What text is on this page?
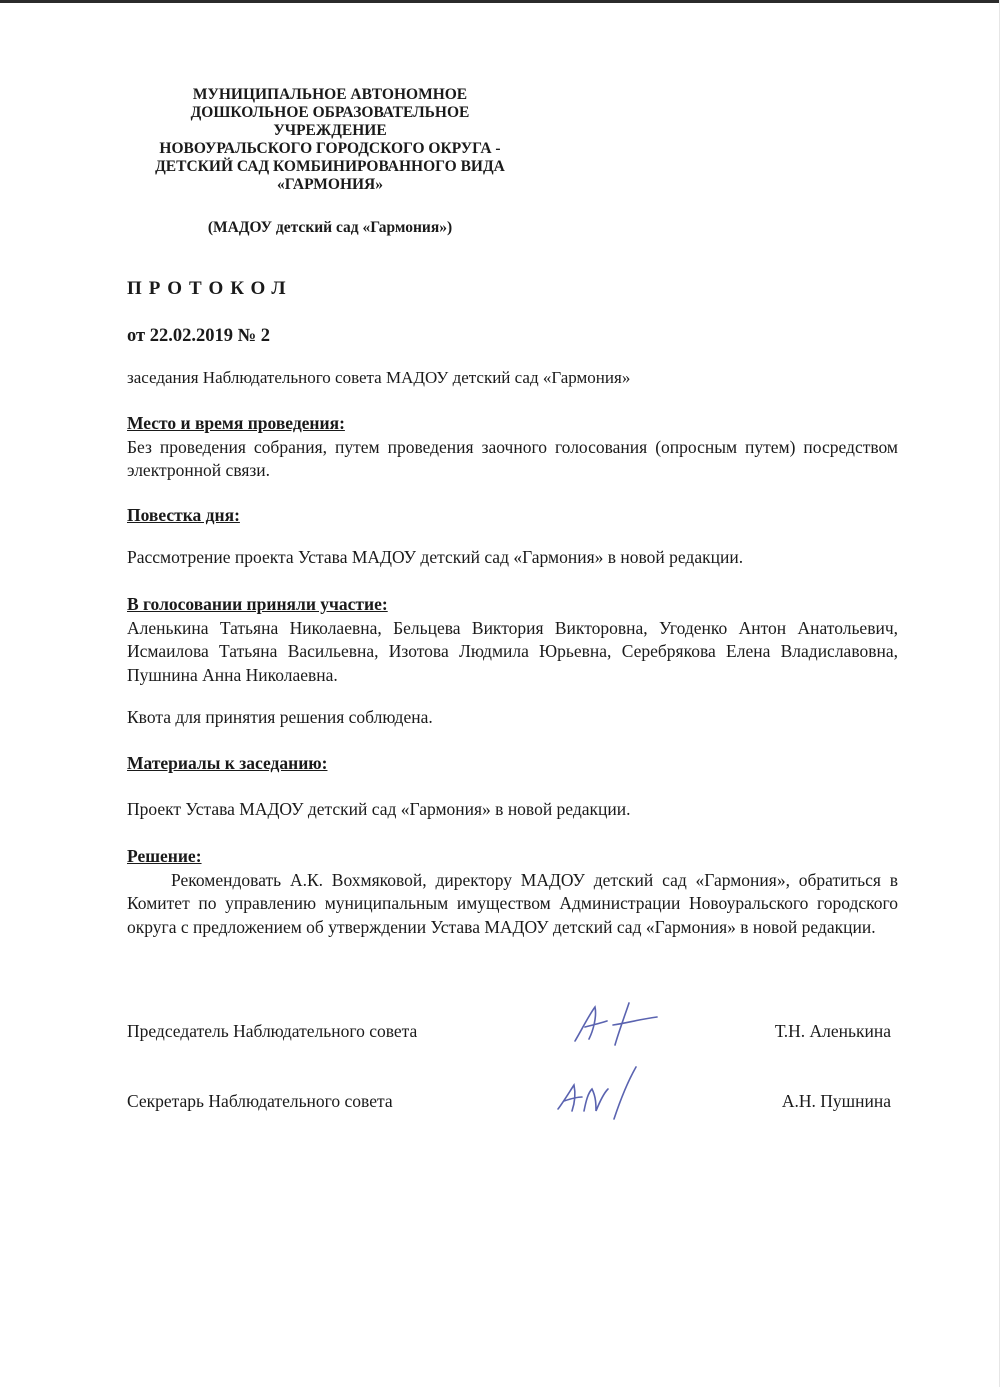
МУНИЦИПАЛЬНОЕ АВТОНОМНОЕ
ДОШКОЛЬНОЕ ОБРАЗОВАТЕЛЬНОЕ
УЧРЕЖДЕНИЕ
НОВОУРАЛЬСКОГО ГОРОДСКОГО ОКРУГА -
ДЕТСКИЙ САД КОМБИНИРОВАННОГО ВИДА
«ГАРМОНИЯ»
(МАДОУ детский сад «Гармония»)
ПРОТОКОЛ
от 22.02.2019 № 2
заседания Наблюдательного совета МАДОУ детский сад «Гармония»
Место и время проведения:
Без проведения собрания, путем проведения заочного голосования (опросным путем) посредством электронной связи.
Повестка дня:
Рассмотрение проекта Устава МАДОУ детский сад «Гармония» в новой редакции.
В голосовании приняли участие:
Аленькина Татьяна Николаевна, Бельцева Виктория Викторовна, Угоденко Антон Анатольевич, Исмаилова Татьяна Васильевна, Изотова Людмила Юрьевна, Серебрякова Елена Владиславовна, Пушнина Анна Николаевна.
Квота для принятия решения соблюдена.
Материалы к заседанию:
Проект Устава МАДОУ детский сад «Гармония» в новой редакции.
Решение:
Рекомендовать А.К. Вохмяковой, директору МАДОУ детский сад «Гармония», обратиться в Комитет по управлению муниципальным имуществом Администрации Новоуральского городского округа с предложением об утверждении Устава МАДОУ детский сад «Гармония» в новой редакции.
Председатель Наблюдательного совета	Т.Н. Аленькина
Секретарь Наблюдательного совета	А.Н. Пушнина
